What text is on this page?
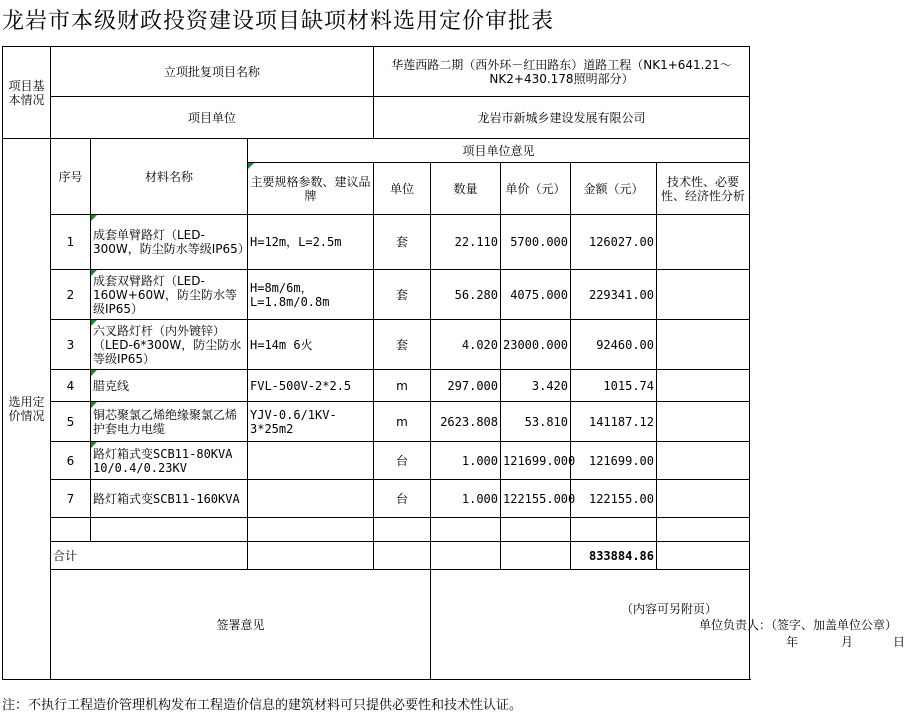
龙岩市本级财政投资建设项目缺项材料选用定价审批表
项目基本情况	立项批复项目名称			华莲西路二期（西外环－红田路东）道路工程（NK1+641.21～NK2+430.178照明部分）				
	项目单位			龙岩市新城乡建设发展有限公司				
选用定价情况	序号	材料名称	项目单位意见					
			主要规格参数、建议品牌	单位	数量	单价（元）	金额（元）	技术性、必要性、经济性分析
	1	成套单臂路灯（LED-300W，防尘防水等级IP65）	H=12m，L=2.5m	套	22.110	5700.000	126027.00	
	2	成套双臂路灯（LED-160W+60W，防尘防水等级IP65）	H=8m/6m，L=1.8m/0.8m	套	56.280	4075.000	229341.00	
	3	六叉路灯杆（内外镀锌）（LED-6*300W，防尘防水等级IP65）	H=14m 6火	套	4.020	23000.000	92460.00	
	4	腊克线	FVL-500V-2*2.5	m	297.000	3.420	1015.74	
	5	铜芯聚氯乙烯绝缘聚氯乙烯护套电力电缆	YJV-0.6/1KV-3*25m2	m	2623.808	53.810	141187.12	
	6	路灯箱式变SCB11-80KVA 10/0.4/0.23KV		台	1.000	121699.000	121699.00	
	7	路灯箱式变SCB11-160KVA		台	1.000	122155.000	122155.00	

	合计						833884.86	
	签署意见				（内容可另附页）
单位负责人：（签字、加盖单位公章）
年 月 日			
注：不执行工程造价管理机构发布工程造价信息的建筑材料可只提供必要性和技术性认证。
